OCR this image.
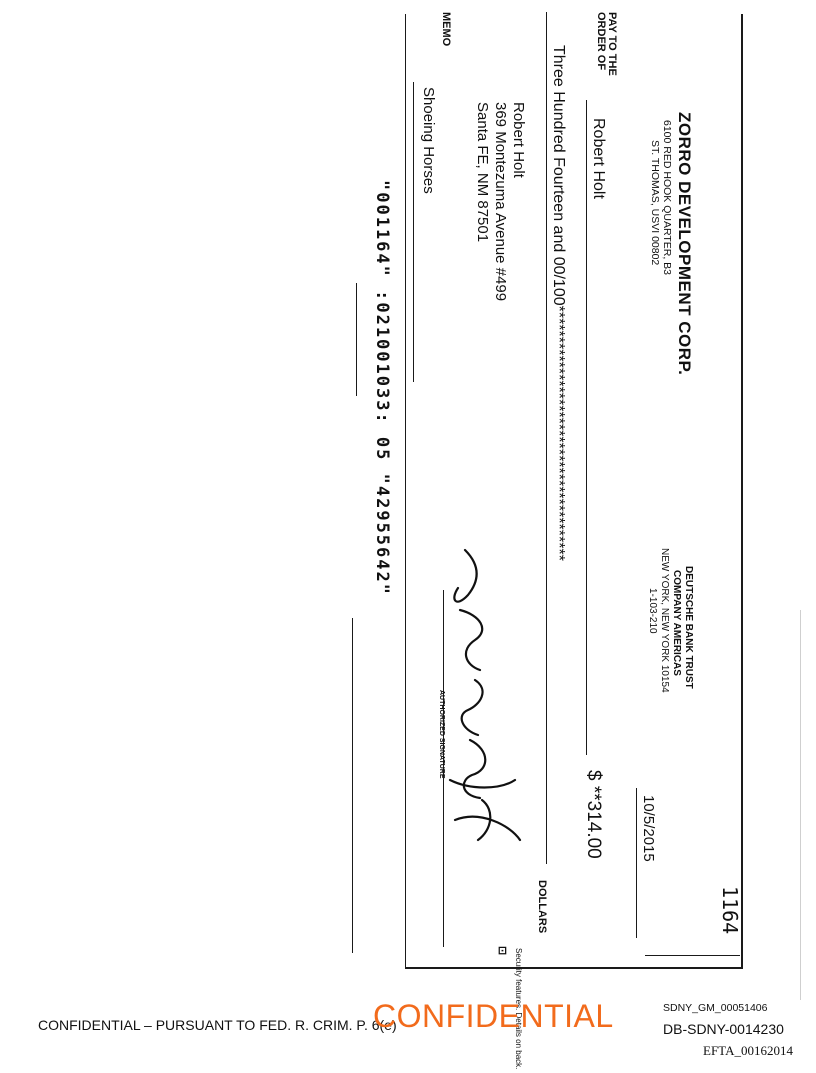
ZORRO DEVELOPMENT CORP.
6100 RED HOOK QUARTER, B3
ST. THOMAS, USVI 00802
DEUTSCHE BANK TRUST
COMPANY AMERICAS
NEW YORK, NEW YORK 10154
1-103-210
1164
10/5/2015
PAY TO THE
ORDER OF
Robert Holt
$ **314.00
Three Hundred Fourteen and 00/100*****************************************
DOLLARS
Security features. Details on back.
⊡
Robert Holt
369 Montezuma Avenue #499
Santa FE, NM 87501
MEMO
Shoeing Horses
AUTHORIZED SIGNATURE
"001164" :021001033: 05 "42955642"
CONFIDENTIAL – PURSUANT TO FED. R. CRIM. P. 6(e)
CONFIDENTIAL	SDNY_GM_00051406
DB-SDNY-0014230
EFTA_00162014
